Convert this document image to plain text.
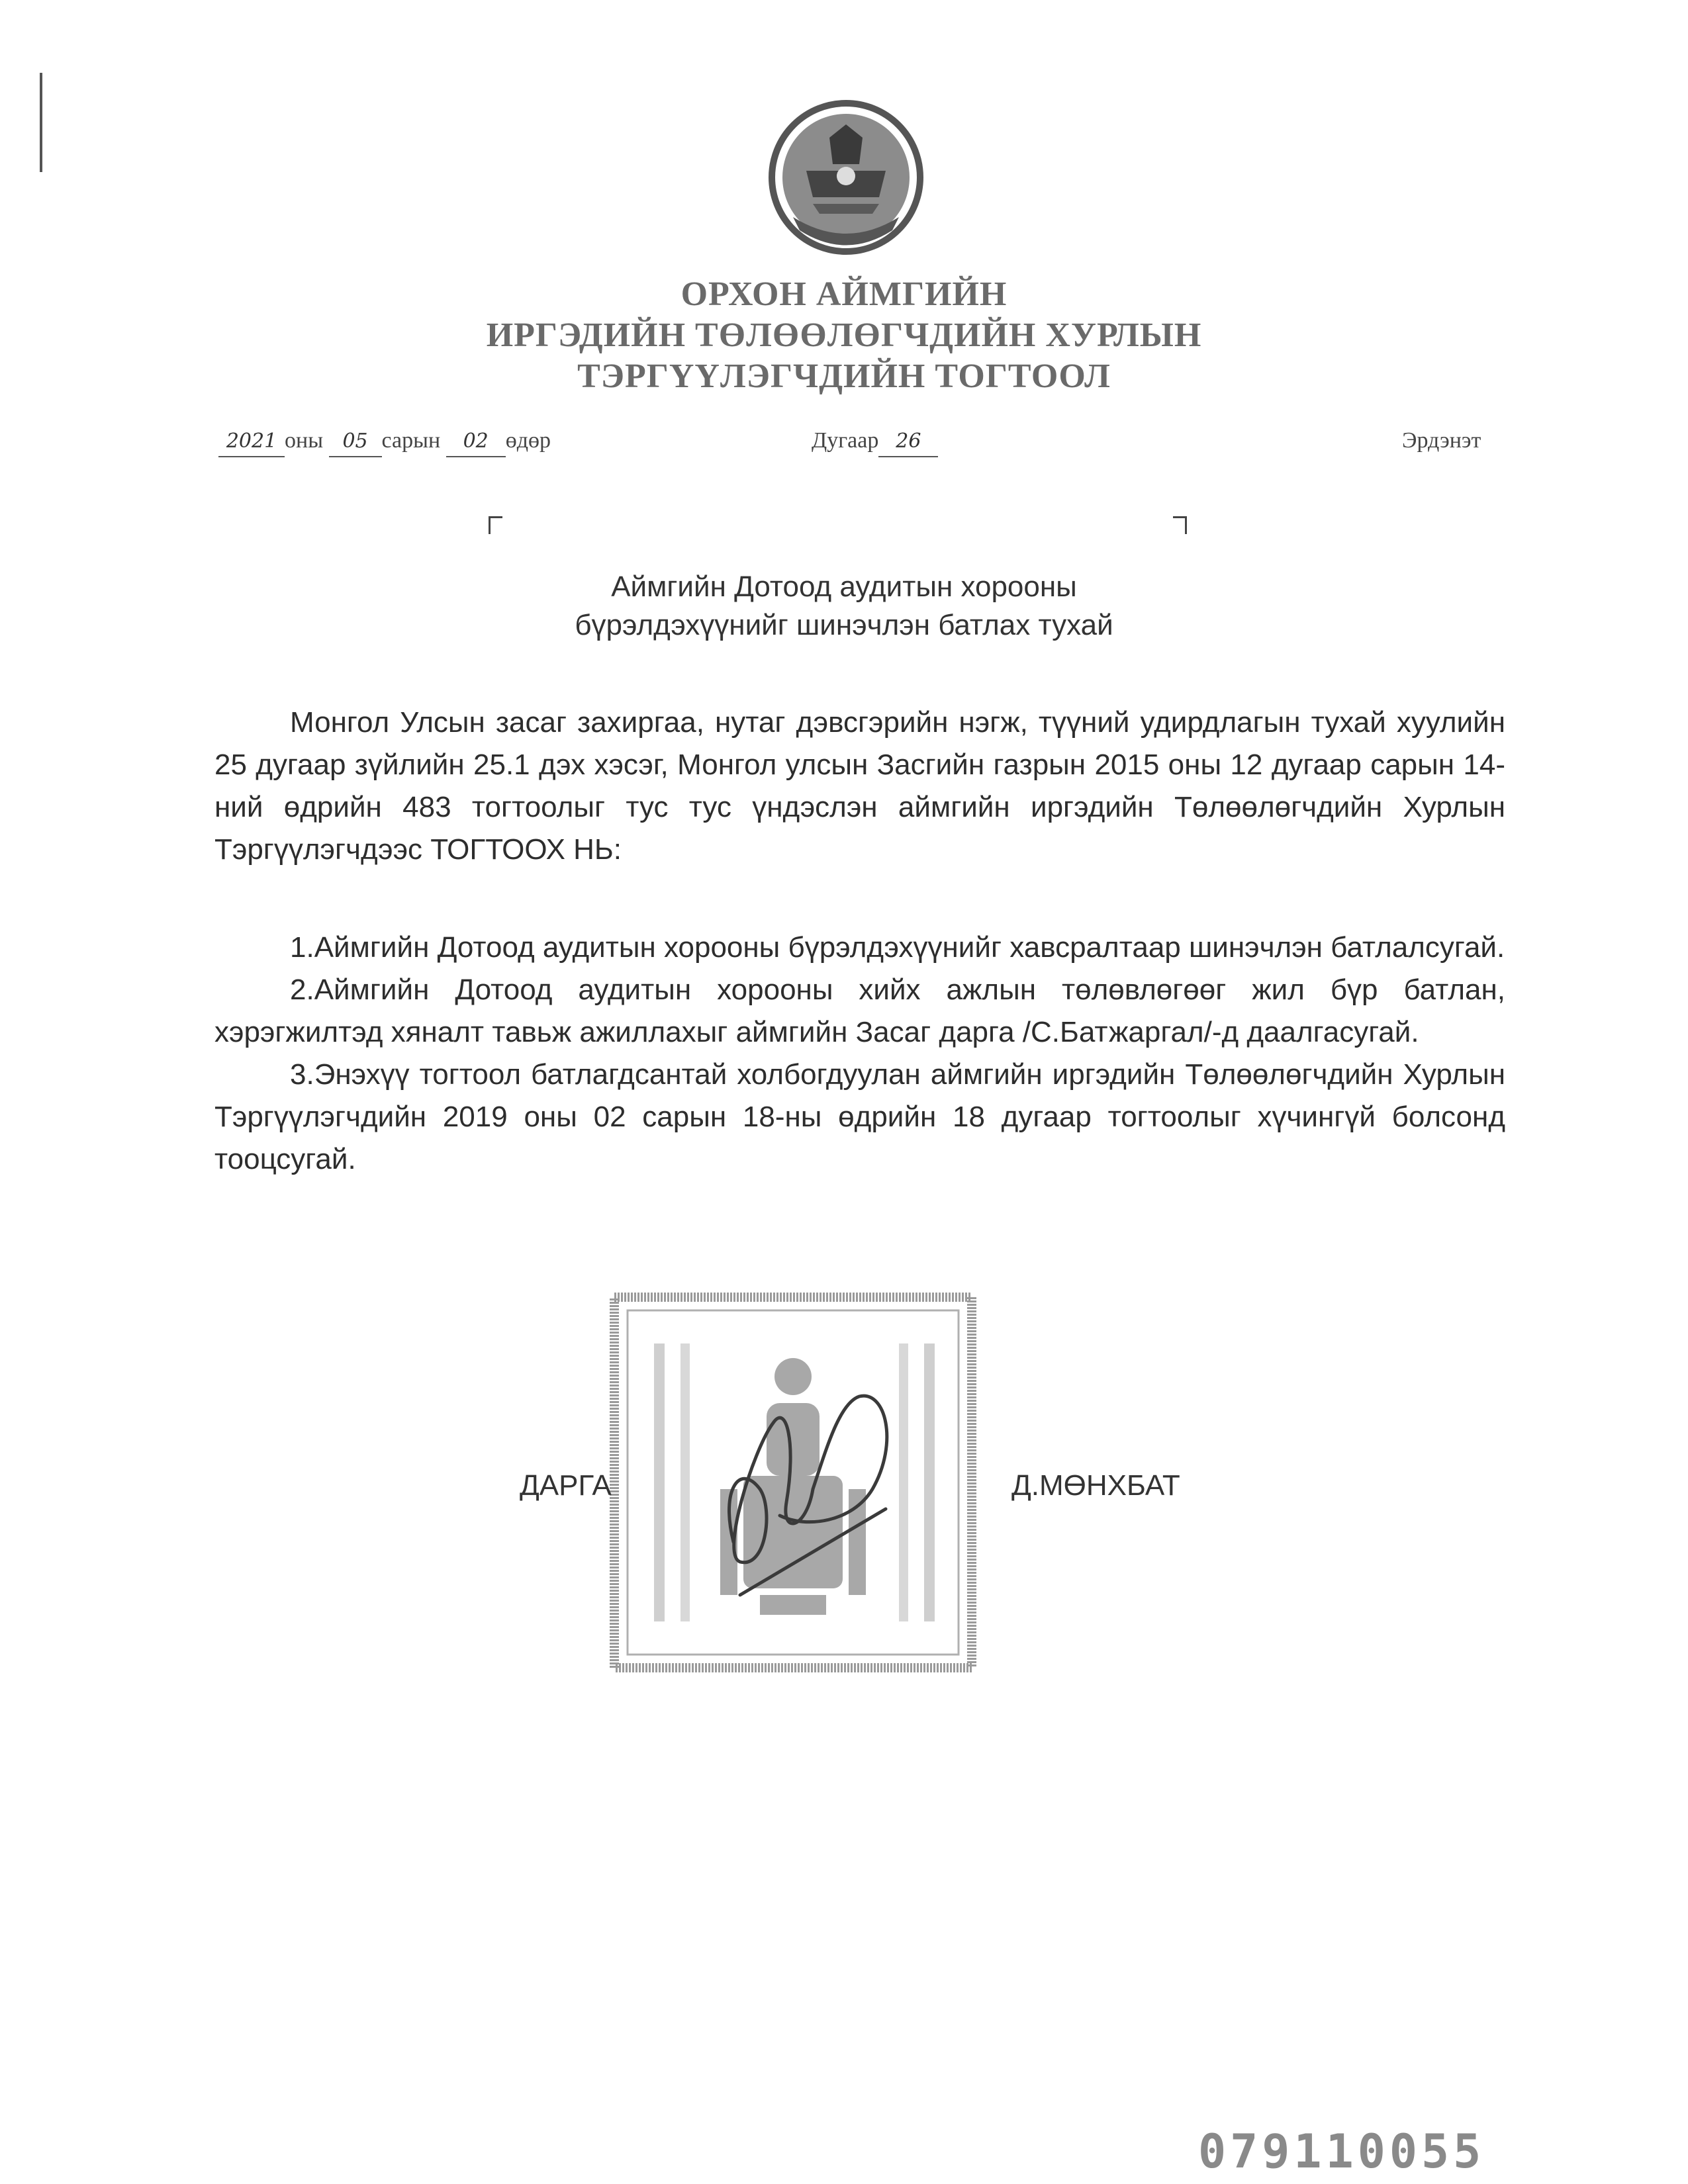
ОРХОН АЙМГИЙН
ИРГЭДИЙН ТӨЛӨӨЛӨГЧДИЙН ХУРЛЫН
ТЭРГҮҮЛЭГЧДИЙН ТОГТООЛ
2021 оны 05 сарын 02 өдөр	Дугаар 26	Эрдэнэт
Аймгийн Дотоод аудитын хорооны
бүрэлдэхүүнийг шинэчлэн батлах тухай

Монгол Улсын засаг захиргаа, нутаг дэвсгэрийн нэгж, түүний удирдлагын тухай хуулийн 25 дугаар зүйлийн 25.1 дэх хэсэг, Монгол улсын Засгийн газрын 2015 оны 12 дугаар сарын 14-ний өдрийн 483 тогтоолыг тус тус үндэслэн аймгийн иргэдийн Төлөөлөгчдийн Хурлын Тэргүүлэгчдээс ТОГТООХ НЬ:

1.Аймгийн Дотоод аудитын хорооны бүрэлдэхүүнийг хавсралтаар шинэчлэн батлалсугай.

2.Аймгийн Дотоод аудитын хорооны хийх ажлын төлөвлөгөөг жил бүр батлан, хэрэгжилтэд хяналт тавьж ажиллахыг аймгийн Засаг дарга /С.Батжаргал/-д даалгасугай.

3.Энэхүү тогтоол батлагдсантай холбогдуулан аймгийн иргэдийн Төлөөлөгчдийн Хурлын Тэргүүлэгчдийн 2019 оны 02 сарын 18-ны өдрийн 18 дугаар тогтоолыг хүчингүй болсонд тооцсугай.

ДАРГА	Д.МӨНХБАТ
079110055
